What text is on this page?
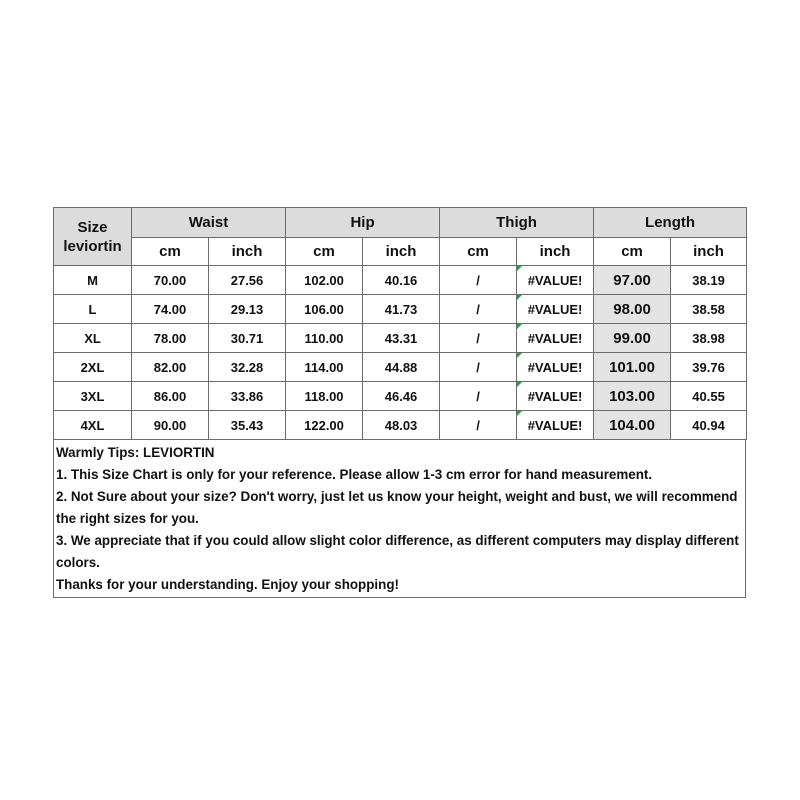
Size
leviortin	Waist		Hip		Thigh		Length	
	cm	inch	cm	inch	cm	inch	cm	inch
M	70.00	27.56	102.00	40.16	/	#VALUE!	97.00	38.19
L	74.00	29.13	106.00	41.73	/	#VALUE!	98.00	38.58
XL	78.00	30.71	110.00	43.31	/	#VALUE!	99.00	38.98
2XL	82.00	32.28	114.00	44.88	/	#VALUE!	101.00	39.76
3XL	86.00	33.86	118.00	46.46	/	#VALUE!	103.00	40.55
4XL	90.00	35.43	122.00	48.03	/	#VALUE!	104.00	40.94
Warmly Tips: LEVIORTIN
1. This Size Chart is only for your reference. Please allow 1-3 cm error for hand measurement.
2. Not Sure about your size? Don't worry, just let us know your height, weight and bust, we will recommend the right sizes for you.
3. We appreciate that if you could allow slight color difference, as different computers may display different colors.
Thanks for your understanding. Enjoy your shopping!
